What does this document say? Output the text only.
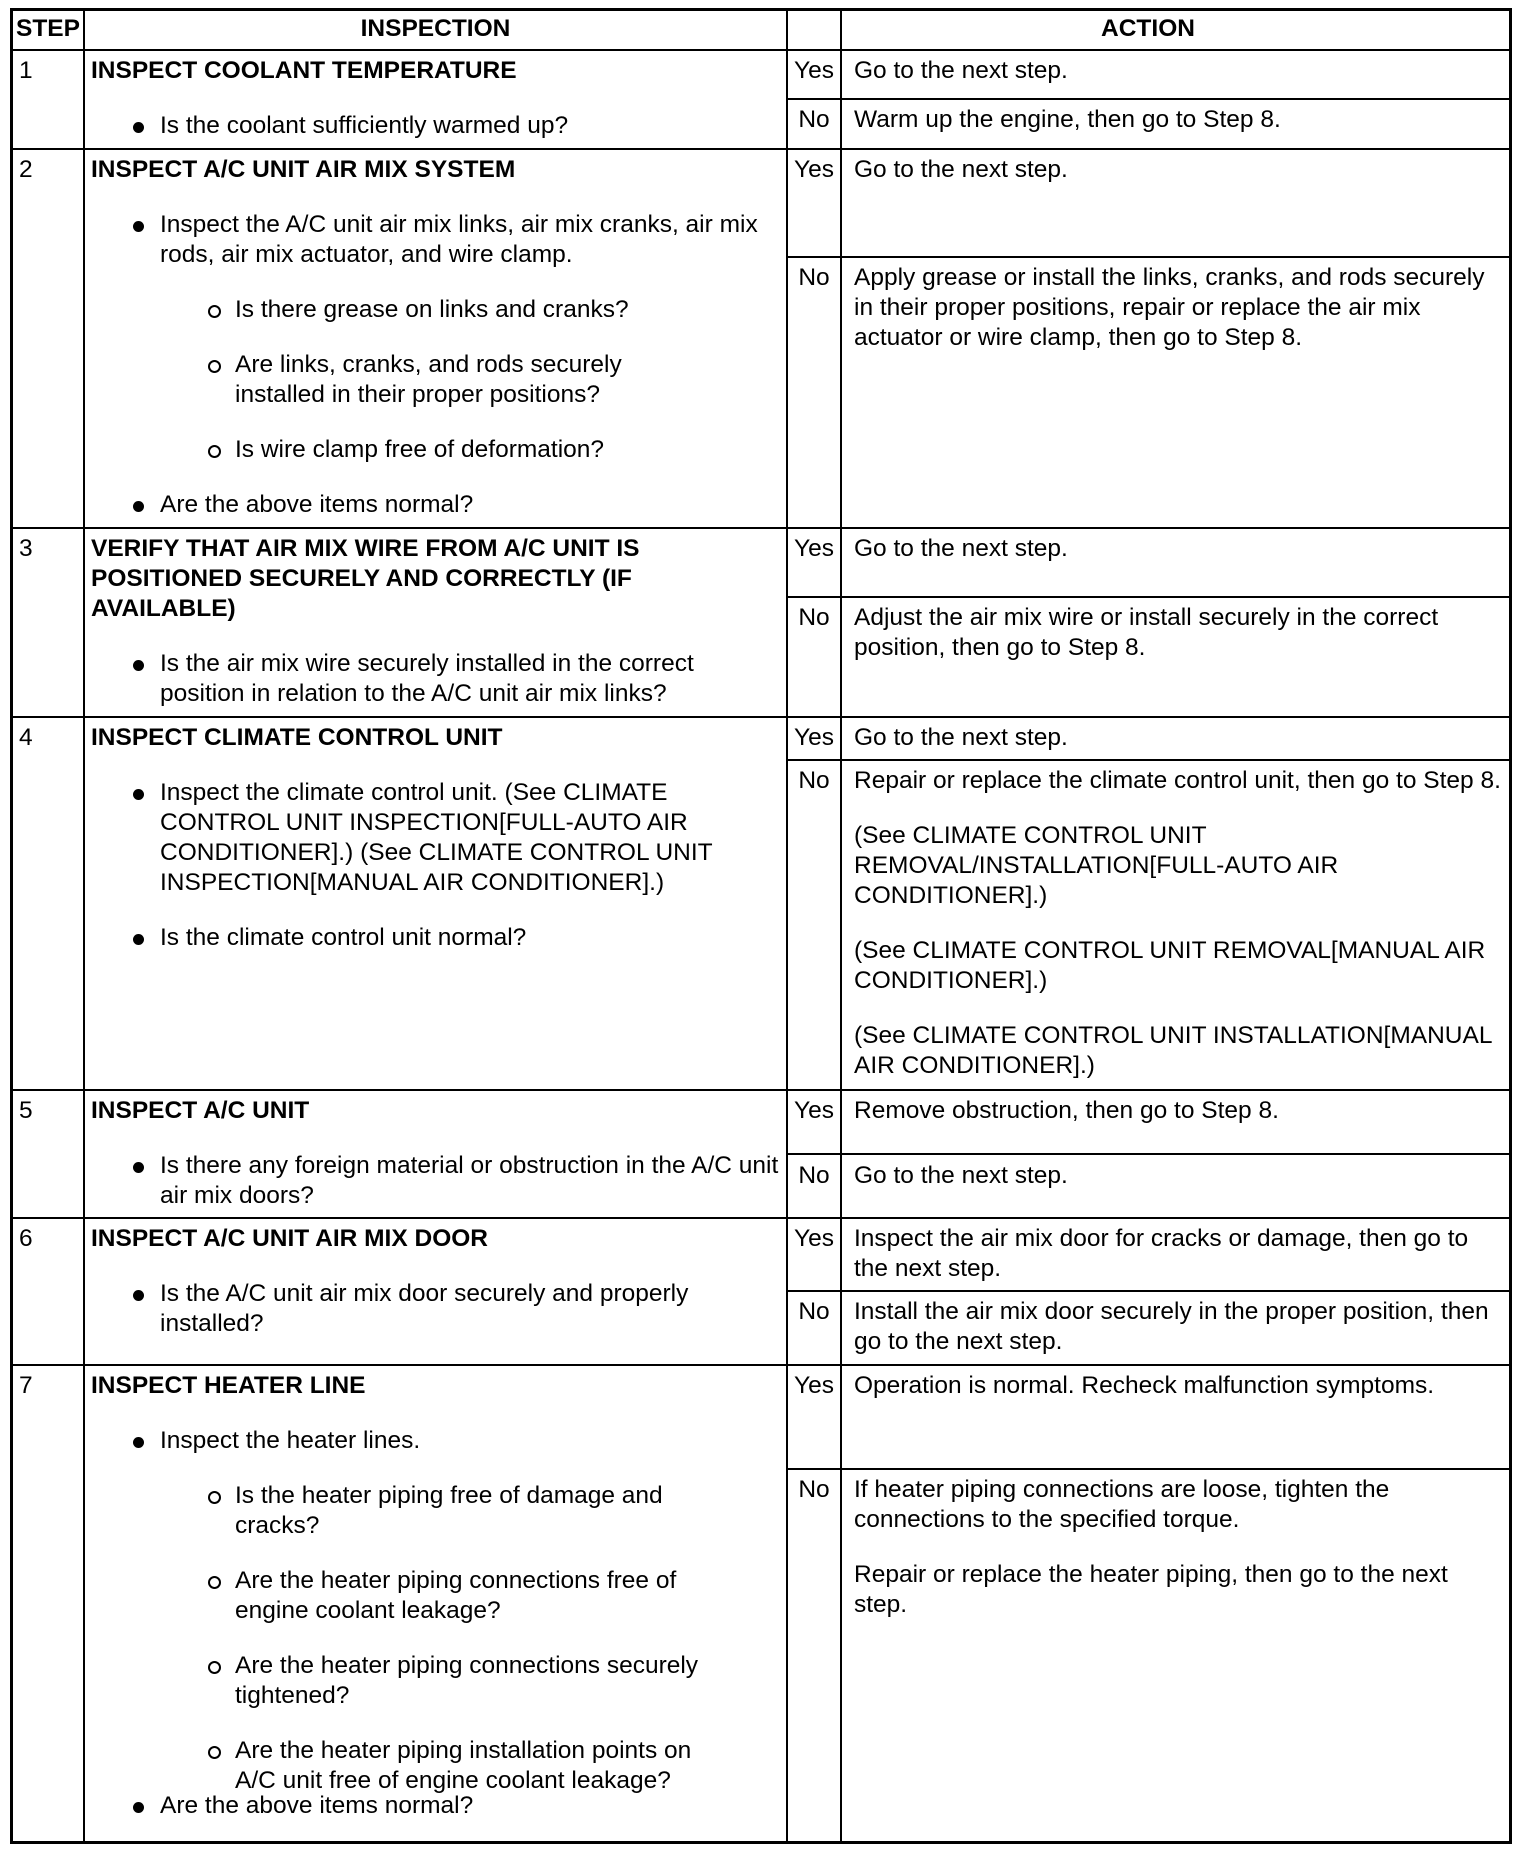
STEP	INSPECTION	ACTION
1 INSPECT COOLANT TEMPERATURE
Is the coolant sufficiently warmed up?
Yes Go to the next step.
No Warm up the engine, then go to Step 8.
2 INSPECT A/C UNIT AIR MIX SYSTEM
Inspect the A/C unit air mix links, air mix cranks, air mix rods, air mix actuator, and wire clamp.
Is there grease on links and cranks?
Are links, cranks, and rods securely installed in their proper positions?
Is wire clamp free of deformation?
Are the above items normal?
Yes Go to the next step.
No Apply grease or install the links, cranks, and rods securely in their proper positions, repair or replace the air mix actuator or wire clamp, then go to Step 8.
3 VERIFY THAT AIR MIX WIRE FROM A/C UNIT IS POSITIONED SECURELY AND CORRECTLY (IF AVAILABLE)
Is the air mix wire securely installed in the correct position in relation to the A/C unit air mix links?
Yes Go to the next step.
No Adjust the air mix wire or install securely in the correct position, then go to Step 8.
4 INSPECT CLIMATE CONTROL UNIT
Inspect the climate control unit. (See CLIMATE CONTROL UNIT INSPECTION[FULL-AUTO AIR CONDITIONER].) (See CLIMATE CONTROL UNIT INSPECTION[MANUAL AIR CONDITIONER].)
Is the climate control unit normal?
Yes Go to the next step.
No Repair or replace the climate control unit, then go to Step 8.

(See CLIMATE CONTROL UNIT REMOVAL/INSTALLATION[FULL-AUTO AIR CONDITIONER].)

(See CLIMATE CONTROL UNIT REMOVAL[MANUAL AIR CONDITIONER].)

(See CLIMATE CONTROL UNIT INSTALLATION[MANUAL AIR CONDITIONER].)

5 INSPECT A/C UNIT
Is there any foreign material or obstruction in the A/C unit air mix doors?
Yes Remove obstruction, then go to Step 8.
No Go to the next step.
6 INSPECT A/C UNIT AIR MIX DOOR
Is the A/C unit air mix door securely and properly installed?
Yes Inspect the air mix door for cracks or damage, then go to the next step.
No Install the air mix door securely in the proper position, then go to the next step.
7 INSPECT HEATER LINE
Inspect the heater lines.
Is the heater piping free of damage and cracks?
Are the heater piping connections free of engine coolant leakage?
Are the heater piping connections securely tightened?
Are the heater piping installation points on A/C unit free of engine coolant leakage?
Are the above items normal?
Yes Operation is normal. Recheck malfunction symptoms.
No If heater piping connections are loose, tighten the connections to the specified torque.

Repair or replace the heater piping, then go to the next step.
